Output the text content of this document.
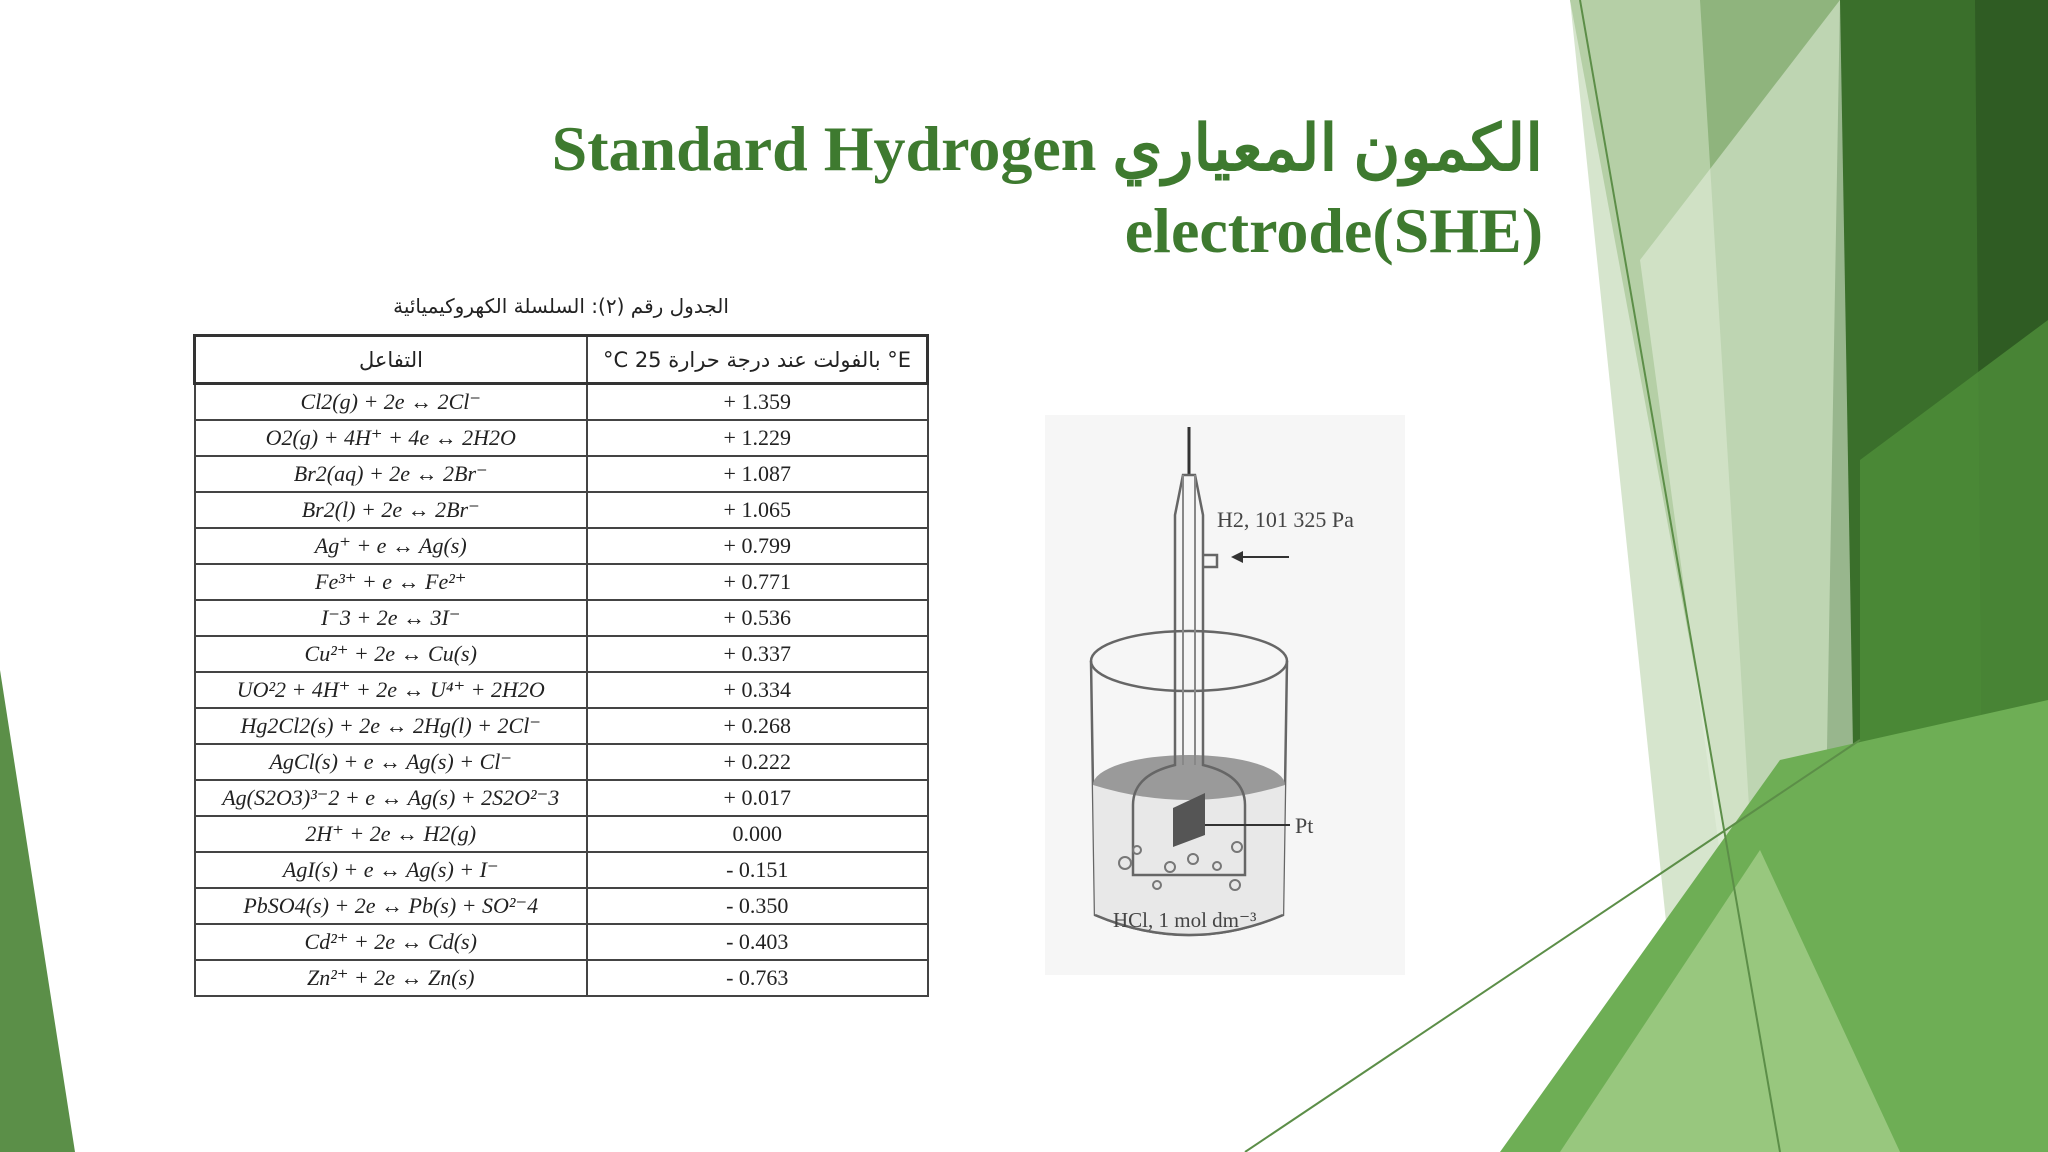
Standard Hydrogen الكمون المعياري
electrode(SHE)
الجدول رقم (٢): السلسلة الكهروكيميائية
التفاعل	E° بالفولت عند درجة حرارة 25 C°
Cl2(g) + 2e ↔ 2Cl⁻	+ 1.359
O2(g) + 4H⁺ + 4e ↔ 2H2O	+ 1.229
Br2(aq) + 2e ↔ 2Br⁻	+ 1.087
Br2(l) + 2e ↔ 2Br⁻	+ 1.065
Ag⁺ + e ↔ Ag(s)	+ 0.799
Fe³⁺ + e ↔ Fe²⁺	+ 0.771
I⁻3 + 2e ↔ 3I⁻	+ 0.536
Cu²⁺ + 2e ↔ Cu(s)	+ 0.337
UO²2 + 4H⁺ + 2e ↔ U⁴⁺ + 2H2O	+ 0.334
Hg2Cl2(s) + 2e ↔ 2Hg(l) + 2Cl⁻	+ 0.268
AgCl(s) + e ↔ Ag(s) + Cl⁻	+ 0.222
Ag(S2O3)³⁻2 + e ↔ Ag(s) + 2S2O²⁻3	+ 0.017
2H⁺ + 2e ↔ H2(g)	0.000
AgI(s) + e ↔ Ag(s) + I⁻	- 0.151
PbSO4(s) + 2e ↔ Pb(s) + SO²⁻4	- 0.350
Cd²⁺ + 2e ↔ Cd(s)	- 0.403
Zn²⁺ + 2e ↔ Zn(s)	- 0.763
H2, 101 325 Pa
Pt
HCl, 1 mol dm⁻³
